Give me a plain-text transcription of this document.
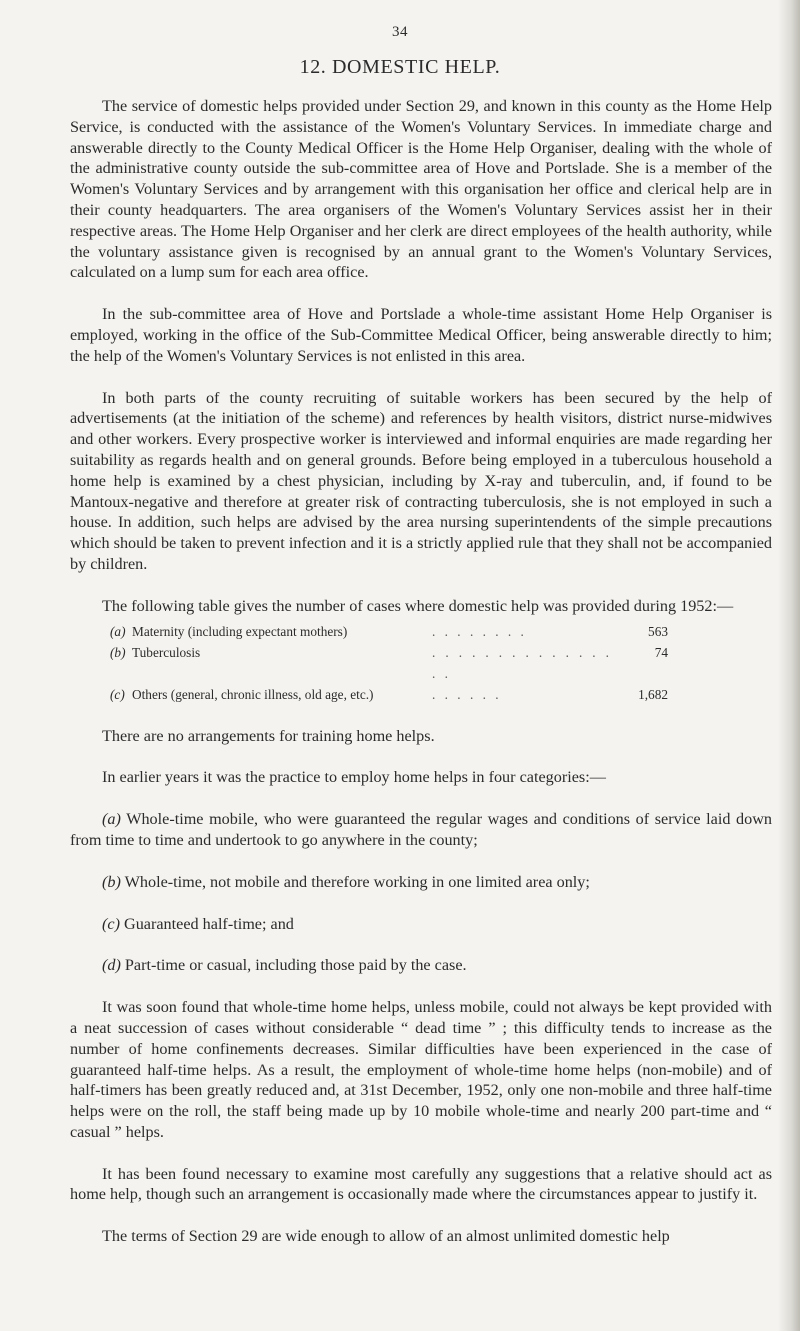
34
12. DOMESTIC HELP.

The service of domestic helps provided under Section 29, and known in this county as the Home Help Service, is conducted with the assistance of the Women's Voluntary Services. In immediate charge and answerable directly to the County Medical Officer is the Home Help Organiser, dealing with the whole of the administrative county outside the sub-committee area of Hove and Portslade. She is a member of the Women's Voluntary Services and by arrangement with this organisation her office and clerical help are in their county headquarters. The area organisers of the Women's Voluntary Services assist her in their respective areas. The Home Help Organiser and her clerk are direct employees of the health authority, while the voluntary assistance given is recognised by an annual grant to the Women's Voluntary Services, calculated on a lump sum for each area office.

In the sub-committee area of Hove and Portslade a whole-time assistant Home Help Organiser is employed, working in the office of the Sub-Committee Medical Officer, being answerable directly to him; the help of the Women's Voluntary Services is not enlisted in this area.

In both parts of the county recruiting of suitable workers has been secured by the help of advertisements (at the initiation of the scheme) and references by health visitors, district nurse-midwives and other workers. Every prospective worker is interviewed and informal enquiries are made regarding her suitability as regards health and on general grounds. Before being employed in a tuberculous household a home help is examined by a chest physician, including by X-ray and tuberculin, and, if found to be Mantoux-negative and therefore at greater risk of contracting tuberculosis, she is not employed in such a house. In addition, such helps are advised by the area nursing superintendents of the simple precautions which should be taken to prevent infection and it is a strictly applied rule that they shall not be accompanied by children.

The following table gives the number of cases where domestic help was provided during 1952:—

(a)	Maternity (including expectant mothers)	. . . . . . . .	563
(b)	Tuberculosis	. . . . . . . . . . . . . . . .	74
(c)	Others (general, chronic illness, old age, etc.)	. . . . . .	1,682

There are no arrangements for training home helps.

In earlier years it was the practice to employ home helps in four categories:—

(a) Whole-time mobile, who were guaranteed the regular wages and conditions of service laid down from time to time and undertook to go anywhere in the county;

(b) Whole-time, not mobile and therefore working in one limited area only;

(c) Guaranteed half-time; and

(d) Part-time or casual, including those paid by the case.

It was soon found that whole-time home helps, unless mobile, could not always be kept provided with a neat succession of cases without considerable “ dead time ” ; this difficulty tends to increase as the number of home confinements decreases. Similar difficulties have been experienced in the case of guaranteed half-time helps. As a result, the employment of whole-time home helps (non-mobile) and of half-timers has been greatly reduced and, at 31st December, 1952, only one non-mobile and three half-time helps were on the roll, the staff being made up by 10 mobile whole-time and nearly 200 part-time and “ casual ” helps.

It has been found necessary to examine most carefully any suggestions that a relative should act as home help, though such an arrangement is occasionally made where the circumstances appear to justify it.

The terms of Section 29 are wide enough to allow of an almost unlimited domestic help
